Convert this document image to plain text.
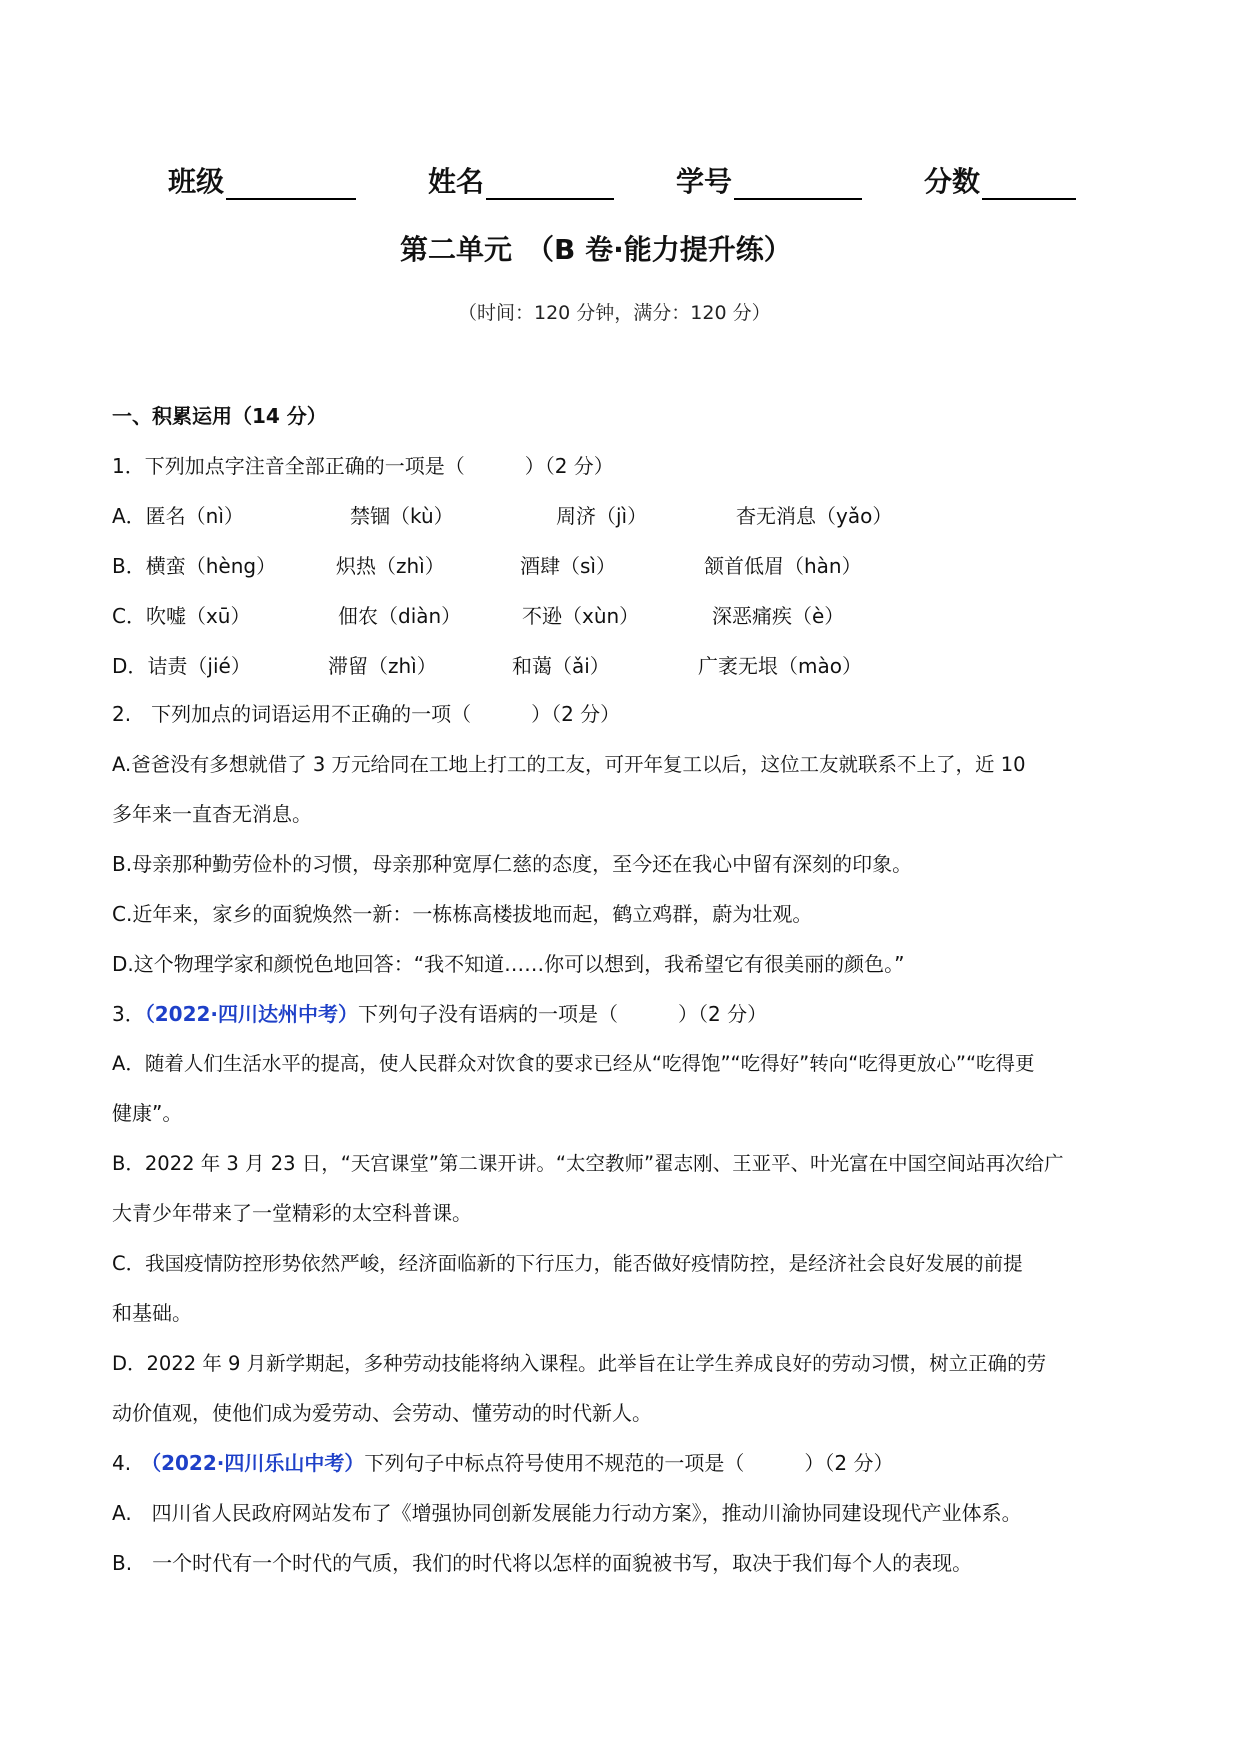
班级	姓名	学号	分数
第二单元　（B 卷·能力提升练）
（时间：120 分钟，满分：120 分）
一、积累运用（14 分）
1．下列加点字注音全部正确的一项是（　　　）（2 分）
A．匿名（nì）	禁锢（kù）	周济（jì）	杳无消息（yǎo）
B．横蛮（hèng）	炽热（zhì）	酒肆（sì）	颔首低眉（hàn）
C．吹嘘（xū）	佃农（diàn）	不逊（xùn）	深恶痛疾（è）
D．诘责（jié）	滞留（zhì）	和蔼（ǎi）	广袤无垠（mào）
2.　下列加点的词语运用不正确的一项（　　　）（2 分）
A.爸爸没有多想就借了 3 万元给同在工地上打工的工友，可开年复工以后，这位工友就联系不上了，近 10
多年来一直杳无消息。
B.母亲那种勤劳俭朴的习惯，母亲那种宽厚仁慈的态度，至今还在我心中留有深刻的印象。
C.近年来，家乡的面貌焕然一新：一栋栋高楼拔地而起，鹤立鸡群，蔚为壮观。
D.这个物理学家和颜悦色地回答：“我不知道……你可以想到，我希望它有很美丽的颜色。”
3．（2022·四川达州中考）下列句子没有语病的一项是（　　　）（2 分）
A．随着人们生活水平的提高，使人民群众对饮食的要求已经从“吃得饱”“吃得好”转向“吃得更放心”“吃得更
健康”。
B．2022 年 3 月 23 日，“天宫课堂”第二课开讲。“太空教师”翟志刚、王亚平、叶光富在中国空间站再次给广
大青少年带来了一堂精彩的太空科普课。
C．我国疫情防控形势依然严峻，经济面临新的下行压力，能否做好疫情防控，是经济社会良好发展的前提
和基础。
D．2022 年 9 月新学期起，多种劳动技能将纳入课程。此举旨在让学生养成良好的劳动习惯，树立正确的劳
动价值观，使他们成为爱劳动、会劳动、懂劳动的时代新人。
4.　（2022·四川乐山中考）下列句子中标点符号使用不规范的一项是（　　　）（2 分）
A.　四川省人民政府网站发布了《增强协同创新发展能力行动方案》，推动川渝协同建设现代产业体系。
B.　一个时代有一个时代的气质，我们的时代将以怎样的面貌被书写，取决于我们每个人的表现。
